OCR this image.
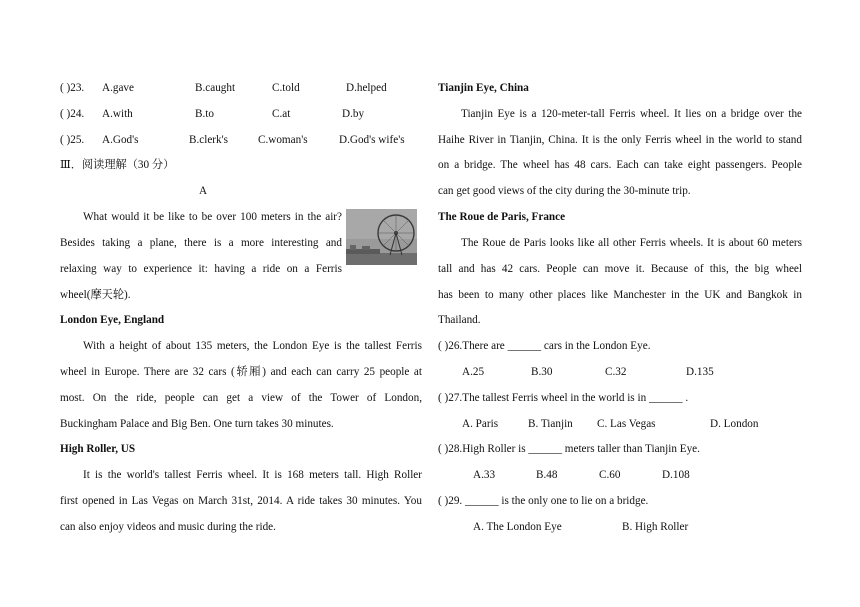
( )23. A.gave	B.caught	C.told	D.helped
( )24. A.with	B.to	C.at	D.by
( )25. A.God's	B.clerk's	C.woman's	D.God's wife's
Ⅲ．阅读理解（30 分）
A
What would it be like to be over 100 meters in the air?
Besides taking a plane, there is a more interesting and
relaxing way to experience it: having a ride on a Ferris
wheel(摩天轮).
London Eye, England
With a height of about 135 meters, the London Eye is the tallest Ferris
wheel in Europe. There are 32 cars (轿厢) and each can carry 25 people at
most. On the ride, people can get a view of the Tower of London,
Buckingham Palace and Big Ben. One turn takes 30 minutes.
High Roller, US
It is the world's tallest Ferris wheel. It is 168 meters tall. High Roller
first opened in Las Vegas on March 31st, 2014. A ride takes 30 minutes. You
can also enjoy videos and music during the ride.
Tianjin Eye, China
Tianjin Eye is a 120-meter-tall Ferris wheel. It lies on a bridge over the
Haihe River in Tianjin, China. It is the only Ferris wheel in the world to stand
on a bridge. The wheel has 48 cars. Each can take eight passengers. People
can get good views of the city during the 30-minute trip.
The Roue de Paris, France
The Roue de Paris looks like all other Ferris wheels. It is about 60 meters
tall and has 42 cars. People can move it. Because of this, the big wheel
has been to many other places like Manchester in the UK and Bangkok in
Thailand.
( )26.There are ______ cars in the London Eye.
A.25	B.30	C.32	D.135
( )27.The tallest Ferris wheel in the world is in ______ .
A. Paris	B. Tianjin C. Las Vegas	D. London
( )28.High Roller is ______ meters taller than Tianjin Eye.
A.33	B.48	C.60	D.108
( )29. ______ is the only one to lie on a bridge.
A. The London Eye	B. High Roller
